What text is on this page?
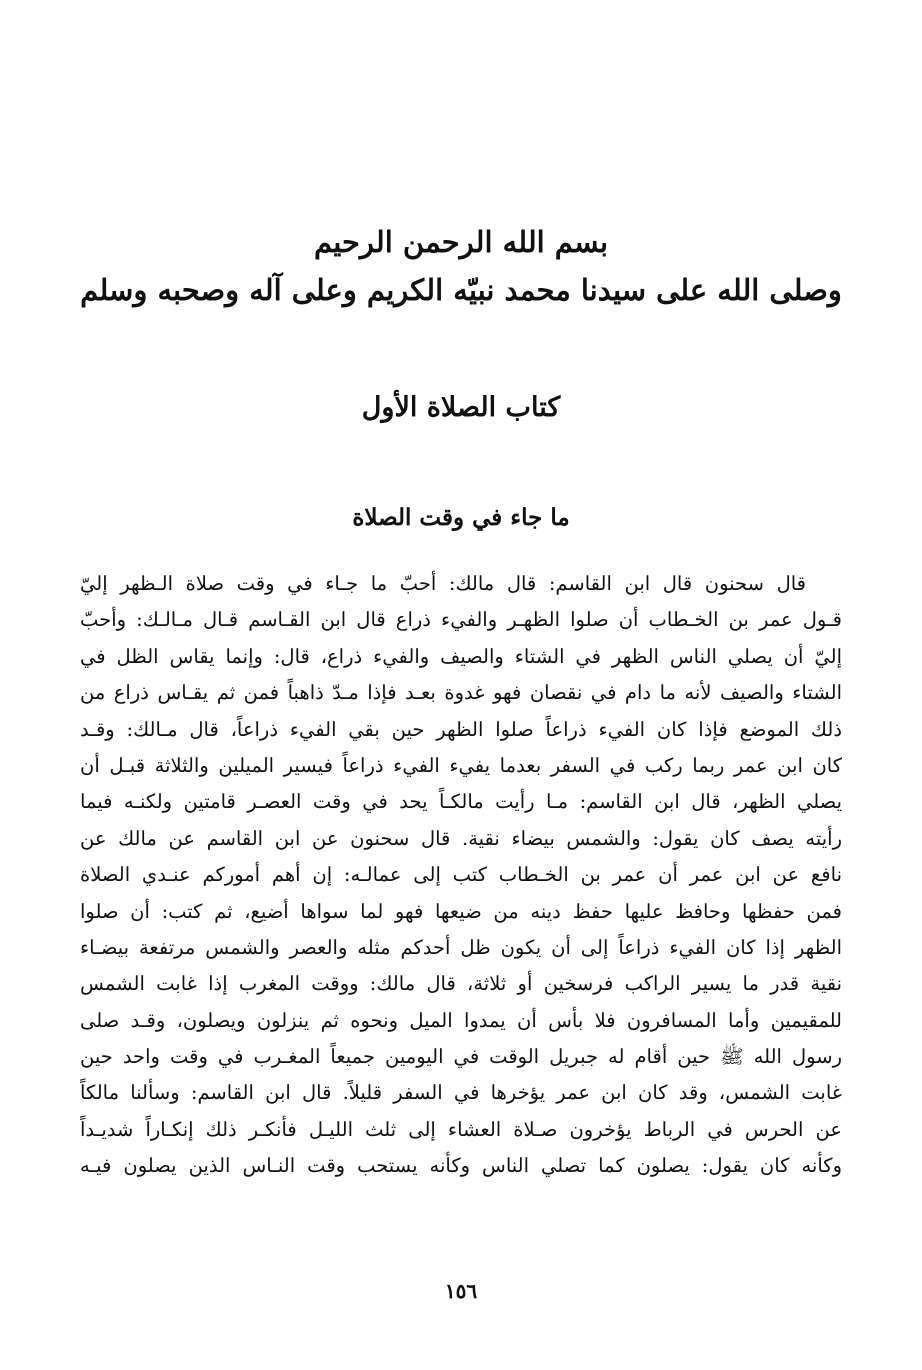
بسم الله الرحمن الرحيم
وصلى الله على سيدنا محمد نبيّه الكريم وعلى آله وصحبه وسلم
كتاب الصلاة الأول
ما جاء في وقت الصلاة
قال سحنون قال ابن القاسم: قال مالك: أحبّ ما جـاء في وقت صلاة الـظهر إليّ
قـول عمر بن الخـطاب أن صلوا الظهـر والفيء ذراع قال ابن القـاسم قـال مـالـك: وأحبّ
إليّ أن يصلي الناس الظهر في الشتاء والصيف والفيء ذراع، قال: وإنما يقاس الظل في
الشتاء والصيف لأنه ما دام في نقصان فهو غدوة بعـد فإذا مـدّ ذاهباً فمن ثم يقـاس ذراع من
ذلك الموضع فإذا كان الفيء ذراعاً صلوا الظهر حين بقي الفيء ذراعاً، قال مـالك: وقـد
كان ابن عمر ربما ركب في السفر بعدما يفيء الفيء ذراعاً فيسير الميلين والثلاثة قبـل أن
يصلي الظهر، قال ابن القاسم: مـا رأيت مالكـاً يحد في وقت العصـر قامتين ولكنـه فيما
رأيته يصف كان يقول: والشمس بيضاء نقية. قال سحنون عن ابن القاسم عن مالك عن
نافع عن ابن عمر أن عمر بن الخـطاب كتب إلى عمالـه: إن أهم أموركم عنـدي الصلاة
فمن حفظها وحافظ عليها حفظ دينه من ضيعها فهو لما سواها أضيع، ثم كتب: أن صلوا
الظهر إذا كان الفيء ذراعاً إلى أن يكون ظل أحدكم مثله والعصر والشمس مرتفعة بيضـاء
نقية قدر ما يسير الراكب فرسخين أو ثلاثة، قال مالك: ووقت المغرب إذا غابت الشمس
للمقيمين وأما المسافرون فلا بأس أن يمدوا الميل ونحوه ثم ينزلون ويصلون، وقـد صلى
رسول الله ﷺ حين أقام له جبريل الوقت في اليومين جميعاً المغـرب في وقت واحد حين
غابت الشمس، وقد كان ابن عمر يؤخرها في السفر قليلاً. قال ابن القاسم: وسألنا مالكاً
عن الحرس في الرباط يؤخرون صـلاة العشاء إلى ثلث الليـل فأنكـر ذلك إنكـاراً شديـداً
وكأنه كان يقول: يصلون كما تصلي الناس وكأنه يستحب وقت النـاس الذين يصلون فيـه
١٥٦
